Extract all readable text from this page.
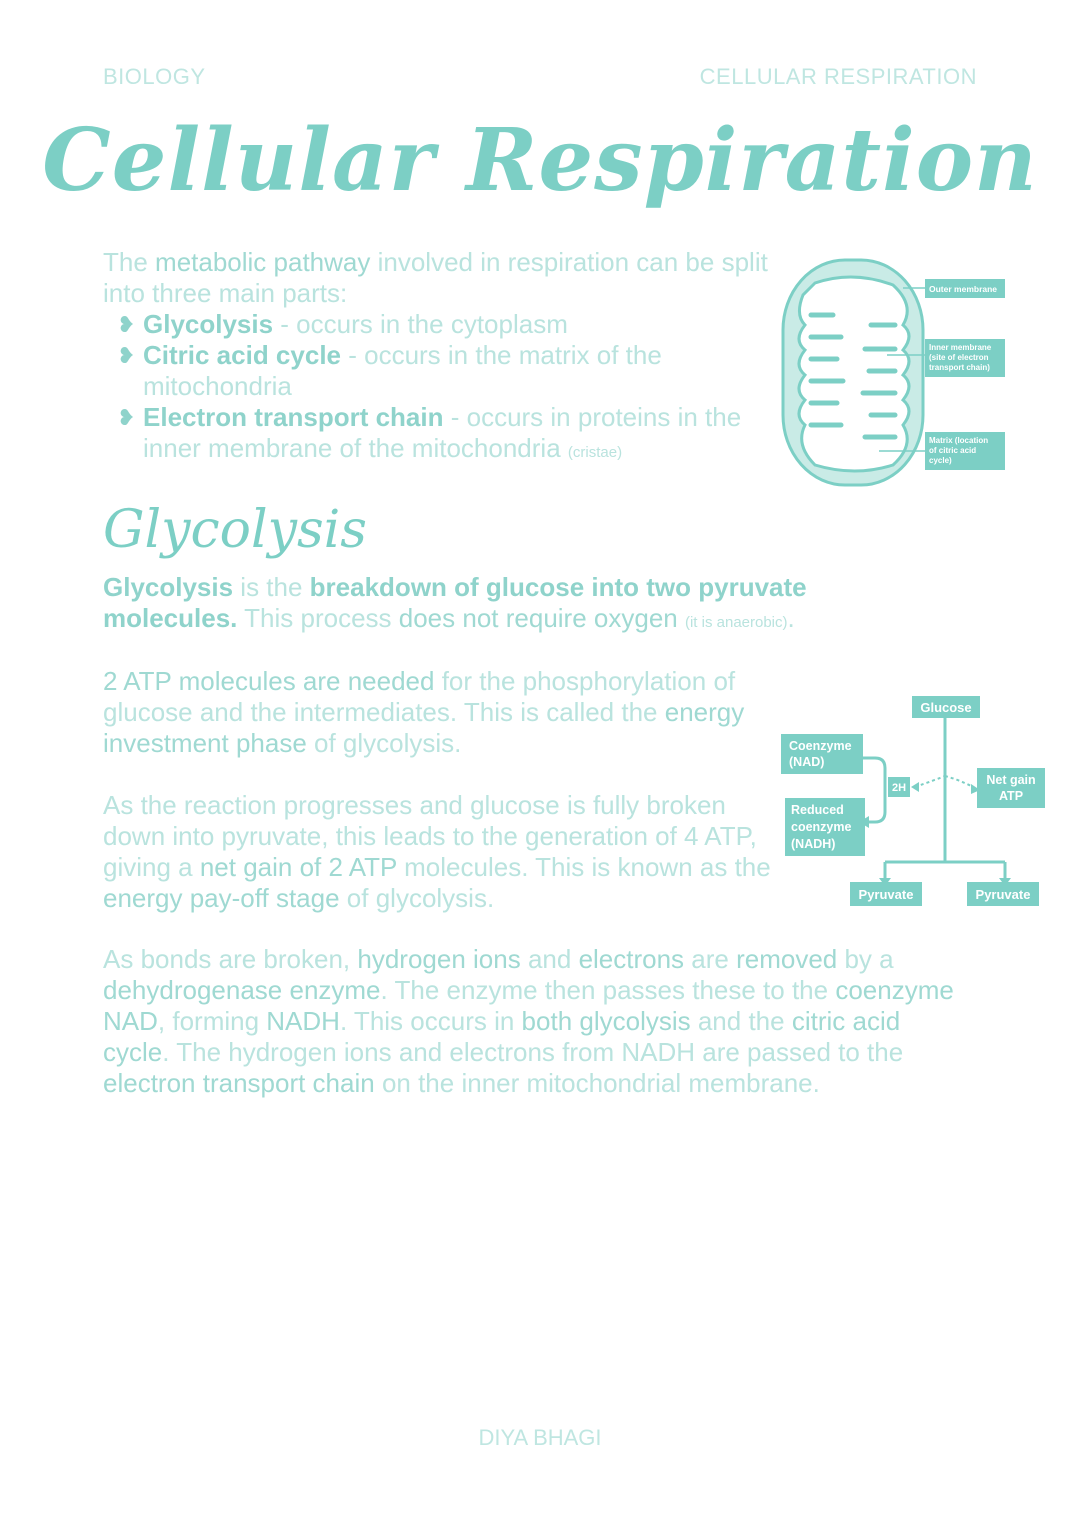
BIOLOGY	CELLULAR RESPIRATION
Cellular Respiration
The metabolic pathway involved in respiration can be split into three main parts:
❥ Glycolysis - occurs in the cytoplasm
❥ Citric acid cycle - occurs in the matrix of the mitochondria
❥ Electron transport chain - occurs in proteins in the inner membrane of the mitochondria (cristae)
Outer membrane
Inner membrane
(site of electron
transport chain)
Matrix (location
of citric acid
cycle)
Glycolysis
Glycolysis is the breakdown of glucose into two pyruvate molecules. This process does not require oxygen (it is anaerobic).
2 ATP molecules are needed for the phosphorylation of glucose and the intermediates. This is called the energy investment phase of glycolysis.
As the reaction progresses and glucose is fully broken down into pyruvate, this leads to the generation of 4 ATP, giving a net gain of 2 ATP molecules. This is known as the energy pay-off stage of glycolysis.
Glucose
Coenzyme
(NAD)
2H
Net gain
ATP
Reduced
coenzyme
(NADH)
Pyruvate	Pyruvate
As bonds are broken, hydrogen ions and electrons are removed by a dehydrogenase enzyme. The enzyme then passes these to the coenzyme NAD, forming NADH. This occurs in both glycolysis and the citric acid cycle. The hydrogen ions and electrons from NADH are passed to the electron transport chain on the inner mitochondrial membrane.
DIYA BHAGI
